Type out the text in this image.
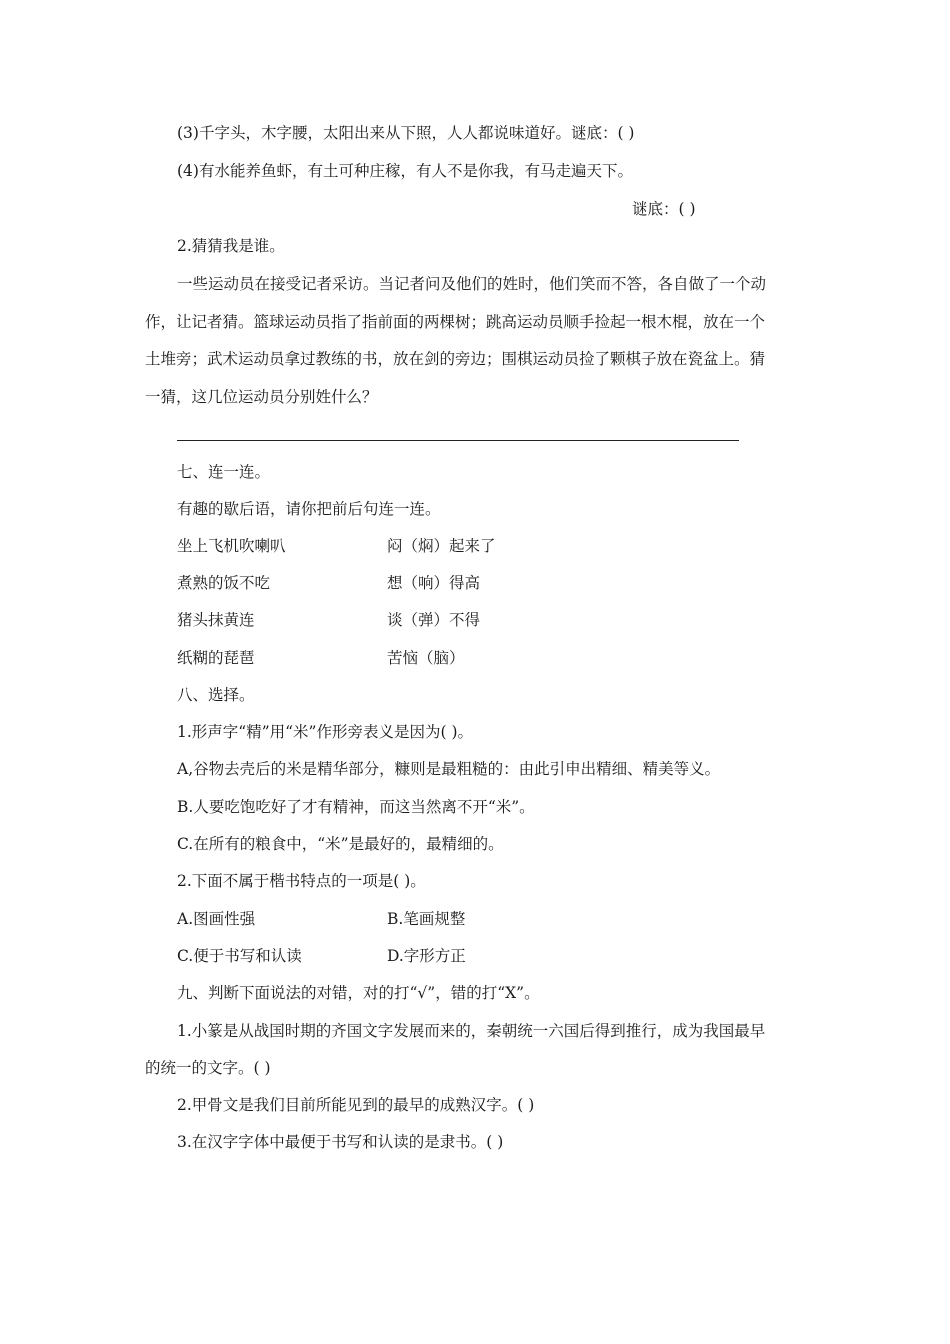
(3)千字头，木字腰，太阳出来从下照，人人都说味道好。谜底：( )
(4)有水能养鱼虾，有土可种庄稼，有人不是你我，有马走遍天下。
谜底：( )
2.猜猜我是谁。
一些运动员在接受记者采访。当记者问及他们的姓时，他们笑而不答，各自做了一个动
作，让记者猜。篮球运动员指了指前面的两棵树；跳高运动员顺手捡起一根木棍，放在一个
土堆旁；武术运动员拿过教练的书，放在剑的旁边；围棋运动员捡了颗棋子放在瓷盆上。猜
一猜，这几位运动员分别姓什么？
七、连一连。
有趣的歇后语，请你把前后句连一连。
坐上飞机吹喇叭	闷（焖）起来了
煮熟的饭不吃	想（响）得高
猪头抹黄连	谈（弹）不得
纸糊的琵琶	苦恼（脑）
八、选择。
1.形声字“精”用“米”作形旁表义是因为( )。
A,谷物去壳后的米是精华部分，糠则是最粗糙的：由此引申出精细、精美等义。
B.人要吃饱吃好了才有精神，而这当然离不开“米”。
C.在所有的粮食中，“米”是最好的，最精细的。
2.下面不属于楷书特点的一项是( )。
A.图画性强	B.笔画规整
C.便于书写和认读	D.字形方正
九、判断下面说法的对错，对的打“√”，错的打“X”。
1.小篆是从战国时期的齐国文字发展而来的，秦朝统一六国后得到推行，成为我国最早
的统一的文字。( )
2.甲骨文是我们目前所能见到的最早的成熟汉字。( )
3.在汉字字体中最便于书写和认读的是隶书。( )
